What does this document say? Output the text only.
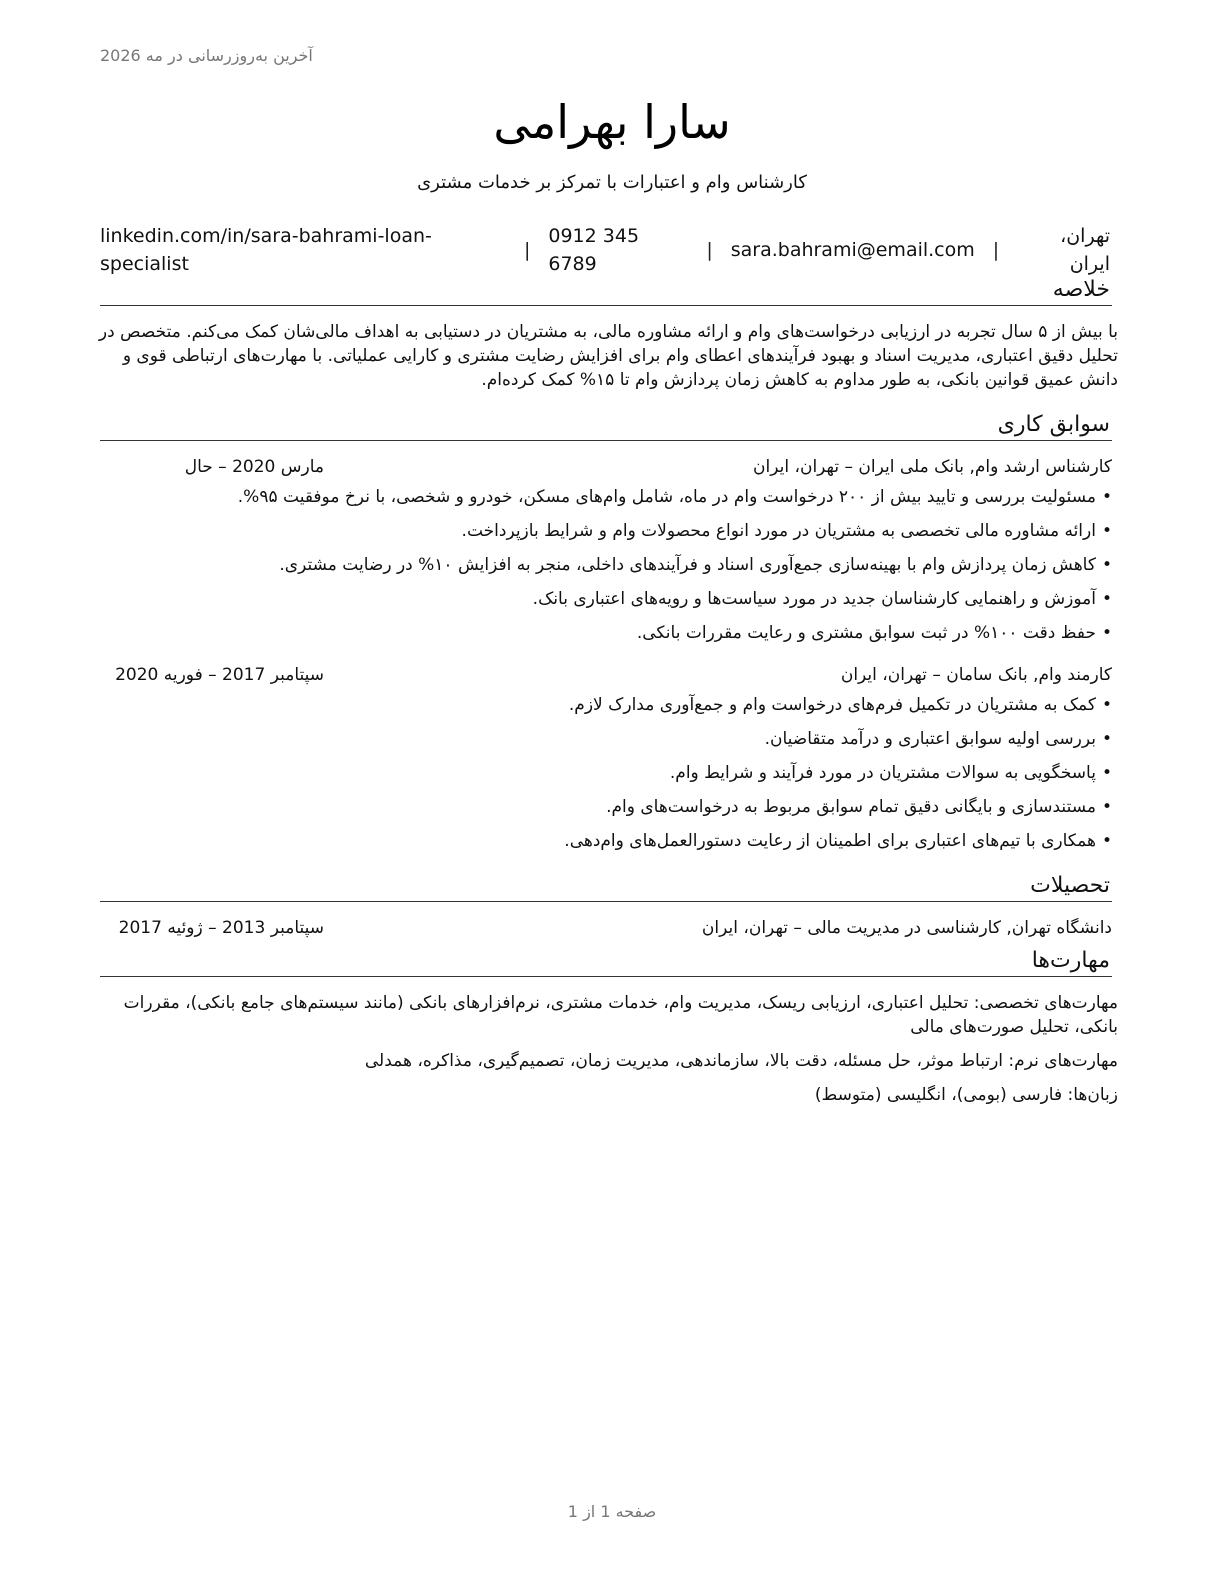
آخرین به‌روزرسانی در مه 2026
سارا بهرامی
کارشناس وام و اعتبارات با تمرکز بر خدمات مشتری
تهران، ایران
|
sara.bahrami@email.com
|
0912 345 6789
|
linkedin.com/in/sara-bahrami-loan-specialist
خلاصه

با بیش از ۵ سال تجربه در ارزیابی درخواست‌های وام و ارائه مشاوره مالی، به مشتریان در دستیابی به اهداف مالی‌شان کمک می‌کنم. متخصص در تحلیل دقیق اعتباری، مدیریت اسناد و بهبود فرآیندهای اعطای وام برای افزایش رضایت مشتری و کارایی عملیاتی. با مهارت‌های ارتباطی قوی و دانش عمیق قوانین بانکی، به طور مداوم به کاهش زمان پردازش وام تا ۱۵% کمک کرده‌ام.

سوابق کاری
کارشناس ارشد وام, بانک ملی ایران – تهران، ایران
مارس 2020 – حال
•مسئولیت بررسی و تایید بیش از ۲۰۰ درخواست وام در ماه، شامل وام‌های مسکن، خودرو و شخصی، با نرخ موفقیت ۹۵%.
•ارائه مشاوره مالی تخصصی به مشتریان در مورد انواع محصولات وام و شرایط بازپرداخت.
•کاهش زمان پردازش وام با بهینه‌سازی جمع‌آوری اسناد و فرآیندهای داخلی، منجر به افزایش ۱۰% در رضایت مشتری.
•آموزش و راهنمایی کارشناسان جدید در مورد سیاست‌ها و رویه‌های اعتباری بانک.
•حفظ دقت ۱۰۰% در ثبت سوابق مشتری و رعایت مقررات بانکی.
کارمند وام, بانک سامان – تهران، ایران
سپتامبر 2017 – فوریه 2020
•کمک به مشتریان در تکمیل فرم‌های درخواست وام و جمع‌آوری مدارک لازم.
•بررسی اولیه سوابق اعتباری و درآمد متقاضیان.
•پاسخگویی به سوالات مشتریان در مورد فرآیند و شرایط وام.
•مستندسازی و بایگانی دقیق تمام سوابق مربوط به درخواست‌های وام.
•همکاری با تیم‌های اعتباری برای اطمینان از رعایت دستورالعمل‌های وام‌دهی.
تحصیلات
دانشگاه تهران, کارشناسی در مدیریت مالی – تهران، ایران
سپتامبر 2013 – ژوئیه 2017
مهارت‌ها

مهارت‌های تخصصی: تحلیل اعتباری، ارزیابی ریسک، مدیریت وام، خدمات مشتری، نرم‌افزارهای بانکی (مانند سیستم‌های جامع بانکی)، مقررات بانکی، تحلیل صورت‌های مالی

مهارت‌های نرم: ارتباط موثر، حل مسئله، دقت بالا، سازماندهی، مدیریت زمان، تصمیم‌گیری، مذاکره، همدلی

زبان‌ها: فارسی (بومی)، انگلیسی (متوسط)

صفحه 1 از 1
